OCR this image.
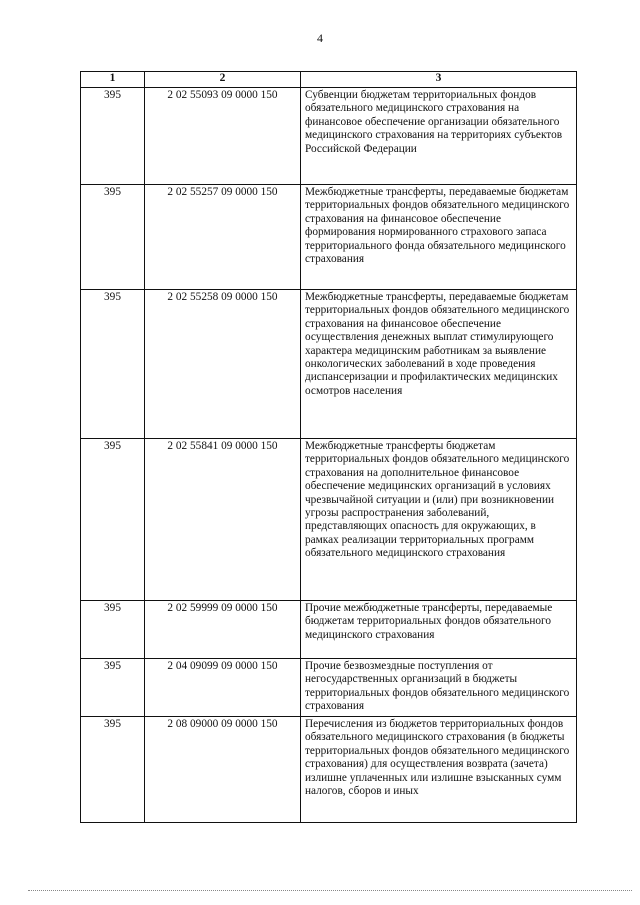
4
1	2	3
395	2 02 55093 09 0000 150	Субвенции бюджетам территориальных фондов обязательного медицинского страхования на финансовое обеспечение организации обязательного медицинского страхования на территориях субъектов Российской Федерации
395	2 02 55257 09 0000 150	Межбюджетные трансферты, передаваемые бюджетам территориальных фондов обязательного медицинского страхования на финансовое обеспечение формирования нормированного страхового запаса территориального фонда обязательного медицинского страхования
395	2 02 55258 09 0000 150	Межбюджетные трансферты, передаваемые бюджетам территориальных фондов обязательного медицинского страхования на финансовое обеспечение осуществления денежных выплат стимулирующего характера медицинским работникам за выявление онкологических заболеваний в ходе проведения диспансеризации и профилактических медицинских осмотров населения
395	2 02 55841 09 0000 150	Межбюджетные трансферты бюджетам территориальных фондов обязательного медицинского страхования на дополнительное финансовое обеспечение медицинских организаций в условиях чрезвычайной ситуации и (или) при возникновении угрозы распространения заболеваний, представляющих опасность для окружающих, в рамках реализации территориальных программ обязательного медицинского страхования
395	2 02 59999 09 0000 150	Прочие межбюджетные трансферты, передаваемые бюджетам территориальных фондов обязательного медицинского страхования
395	2 04 09099 09 0000 150	Прочие безвозмездные поступления от негосударственных организаций в бюджеты территориальных фондов обязательного медицинского страхования
395	2 08 09000 09 0000 150	Перечисления из бюджетов территориальных фондов обязательного медицинского страхования (в бюджеты территориальных фондов обязательного медицинского страхования) для осуществления возврата (зачета) излишне уплаченных или излишне взысканных сумм налогов, сборов и иных
